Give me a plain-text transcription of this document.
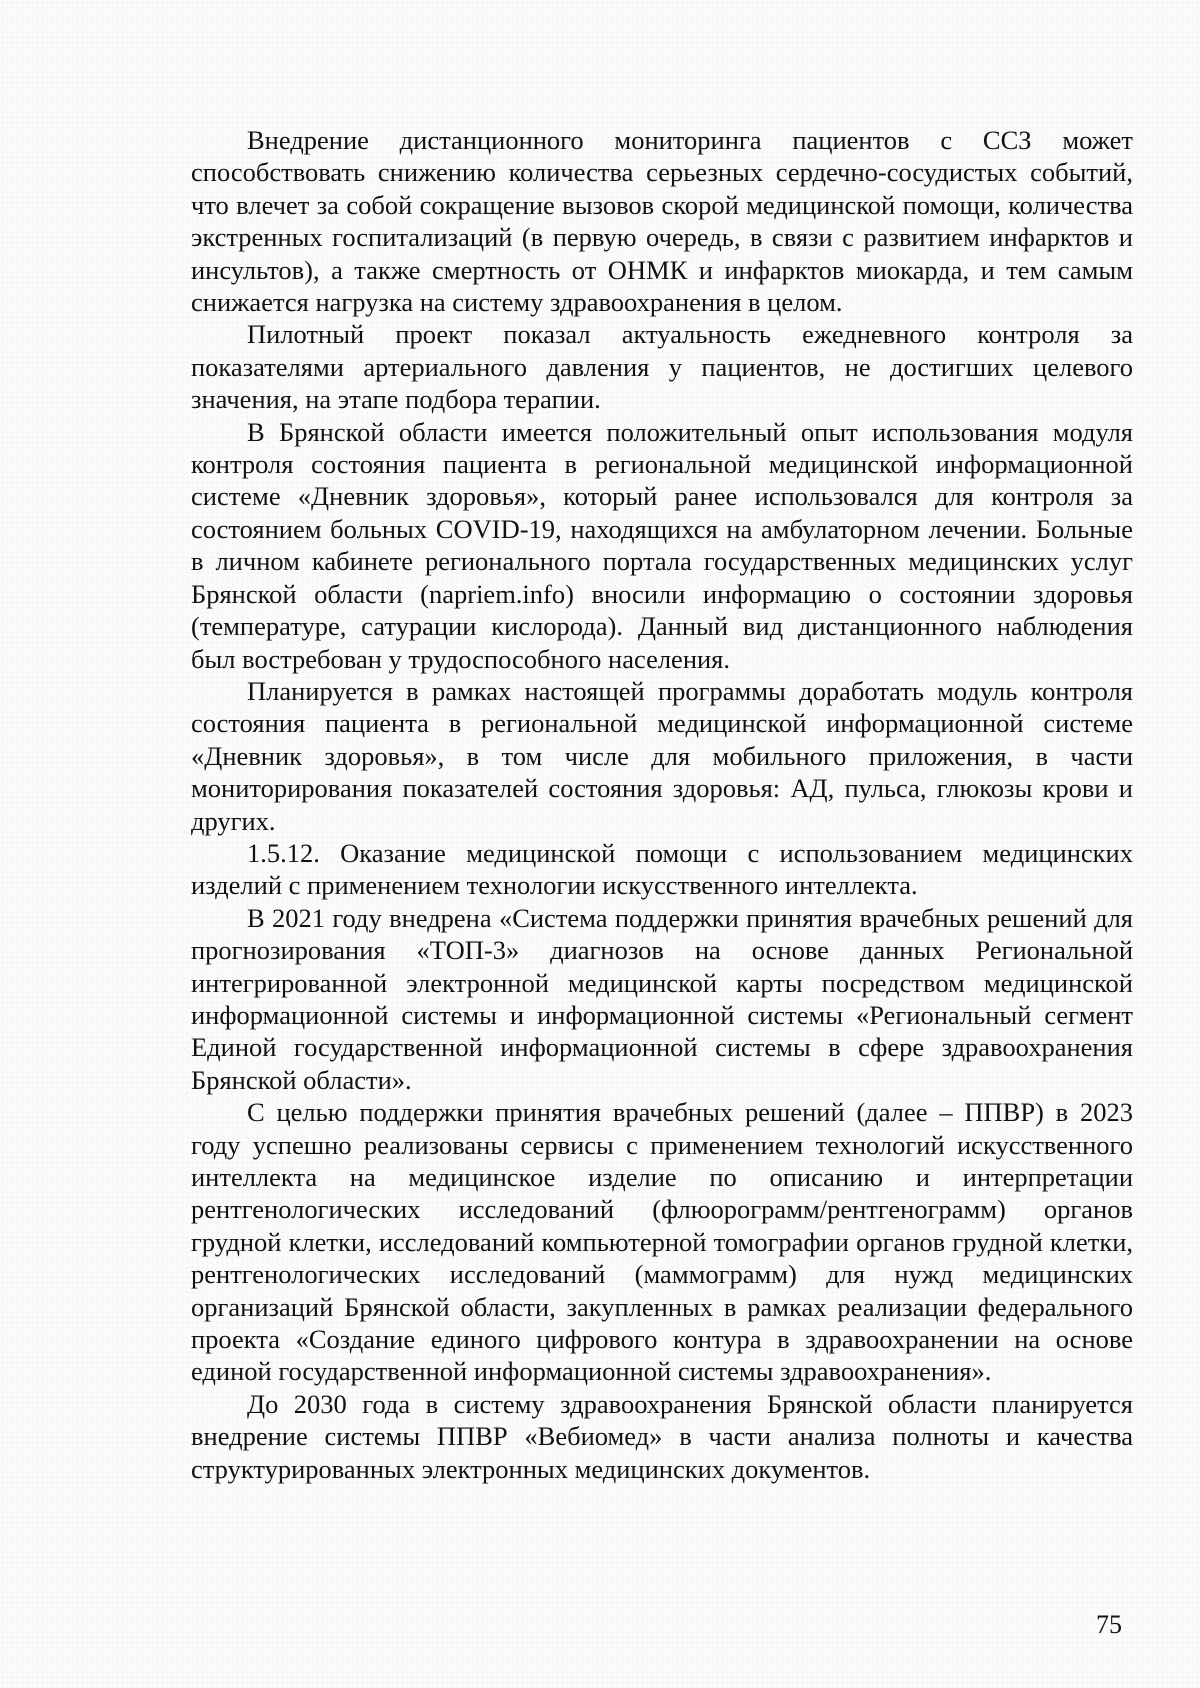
Внедрение дистанционного мониторинга пациентов с ССЗ может способствовать снижению количества серьезных сердечно-сосудистых событий, что влечет за собой сокращение вызовов скорой медицинской помощи, количества экстренных госпитализаций (в первую очередь, в связи с развитием инфарктов и инсультов), а также смертность от ОНМК и инфарктов миокарда, и тем самым снижается нагрузка на систему здравоохранения в целом.

Пилотный проект показал актуальность ежедневного контроля за показателями артериального давления у пациентов, не достигших целевого значения, на этапе подбора терапии.

В Брянской области имеется положительный опыт использования модуля контроля состояния пациента в региональной медицинской информационной системе «Дневник здоровья», который ранее использовался для контроля за состоянием больных COVID-19, находящихся на амбулаторном лечении. Больные в личном кабинете регионального портала государственных медицинских услуг Брянской области (napriem.info) вносили информацию о состоянии здоровья (температуре, сатурации кислорода). Данный вид дистанционного наблюдения был востребован у трудоспособного населения.

Планируется в рамках настоящей программы доработать модуль контроля состояния пациента в региональной медицинской информационной системе «Дневник здоровья», в том числе для мобильного приложения, в части мониторирования показателей состояния здоровья: АД, пульса, глюкозы крови и других.

1.5.12. Оказание медицинской помощи с использованием медицинских изделий с применением технологии искусственного интеллекта.

В 2021 году внедрена «Система поддержки принятия врачебных решений для прогнозирования «ТОП-3» диагнозов на основе данных Региональной интегрированной электронной медицинской карты посредством медицинской информационной системы и информационной системы «Региональный сегмент Единой государственной информационной системы в сфере здравоохранения Брянской области».

С целью поддержки принятия врачебных решений (далее – ППВР) в 2023 году успешно реализованы сервисы с применением технологий искусственного интеллекта на медицинское изделие по описанию и интерпретации рентгенологических исследований (флюорограмм/рентгенограмм) органов грудной клетки, исследований компьютерной томографии органов грудной клетки, рентгенологических исследований (маммограмм) для нужд медицинских организаций Брянской области, закупленных в рамках реализации федерального проекта «Создание единого цифрового контура в здравоохранении на основе единой государственной информационной системы здравоохранения».

До 2030 года в систему здравоохранения Брянской области планируется внедрение системы ППВР «Вебиомед» в части анализа полноты и качества структурированных электронных медицинских документов.

75
